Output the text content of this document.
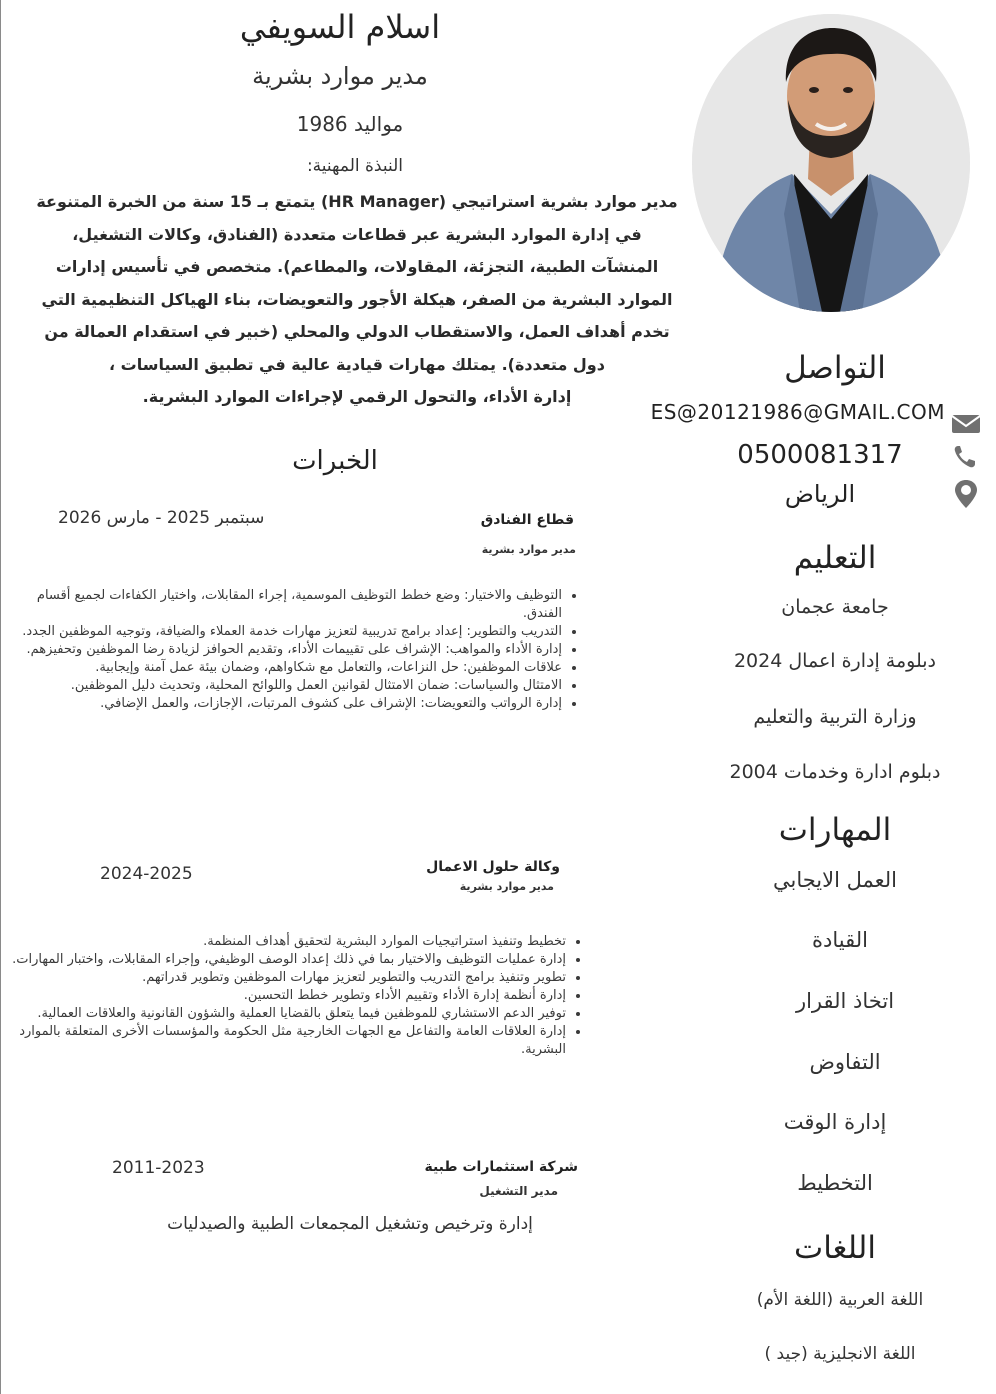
اسلام السويفي
مدير موارد بشرية
مواليد 1986
النبذة المهنية:
مدير موارد بشرية استراتيجي (HR Manager) يتمتع بـ 15 سنة من الخبرة المتنوعة
في إدارة الموارد البشرية عبر قطاعات متعددة (الفنادق، وكالات التشغيل،
المنشآت الطبية، التجزئة، المقاولات، والمطاعم). متخصص في تأسيس إدارات
الموارد البشرية من الصفر، هيكلة الأجور والتعويضات، بناء الهياكل التنظيمية التي
تخدم أهداف العمل، والاستقطاب الدولي والمحلي (خبير في استقدام العمالة من
دول متعددة). يمتلك مهارات قيادية عالية في تطبيق السياسات ،
إدارة الأداء، والتحول الرقمي لإجراءات الموارد البشرية.
الخبرات
قطاع الفنادق
مدير موارد بشرية
سبتمبر 2025 - مارس 2026
• التوظيف والاختيار: وضع خطط التوظيف الموسمية، إجراء المقابلات، واختيار الكفاءات لجميع أقسام الفندق.
• التدريب والتطوير: إعداد برامج تدريبية لتعزيز مهارات خدمة العملاء والضيافة، وتوجيه الموظفين الجدد.
• إدارة الأداء والمواهب: الإشراف على تقييمات الأداء، وتقديم الحوافز لزيادة رضا الموظفين وتحفيزهم.
• علاقات الموظفين: حل النزاعات، والتعامل مع شكاواهم، وضمان بيئة عمل آمنة وإيجابية.
• الامتثال والسياسات: ضمان الامتثال لقوانين العمل واللوائح المحلية، وتحديث دليل الموظفين.
• إدارة الرواتب والتعويضات: الإشراف على كشوف المرتبات، الإجازات، والعمل الإضافي.
وكالة حلول الاعمال
مدير موارد بشرية
2024-2025
• تخطيط وتنفيذ استراتيجيات الموارد البشرية لتحقيق أهداف المنظمة.
• إدارة عمليات التوظيف والاختيار بما في ذلك إعداد الوصف الوظيفي، وإجراء المقابلات، واختبار المهارات.
• تطوير وتنفيذ برامج التدريب والتطوير لتعزيز مهارات الموظفين وتطوير قدراتهم.
• إدارة أنظمة إدارة الأداء وتقييم الأداء وتطوير خطط التحسين.
• توفير الدعم الاستشاري للموظفين فيما يتعلق بالقضايا العملية والشؤون القانونية والعلاقات العمالية.
• إدارة العلاقات العامة والتفاعل مع الجهات الخارجية مثل الحكومة والمؤسسات الأخرى المتعلقة بالموارد البشرية.
شركة استثمارات طبية
مدير التشغيل
2011-2023
إدارة وترخيص وتشغيل المجمعات الطبية والصيدليات
التواصل
ES@20121986@GMAIL.COM
0500081317
الرياض
التعليم
جامعة عجمان
دبلومة إدارة اعمال 2024
وزارة التربية والتعليم
دبلوم ادارة وخدمات 2004
المهارات
العمل الايجابي
القيادة
اتخاذ القرار
التفاوض
إدارة الوقت
التخطيط
اللغات
اللغة العربية (اللغة الأم)
اللغة الانجليزية (جيد )
